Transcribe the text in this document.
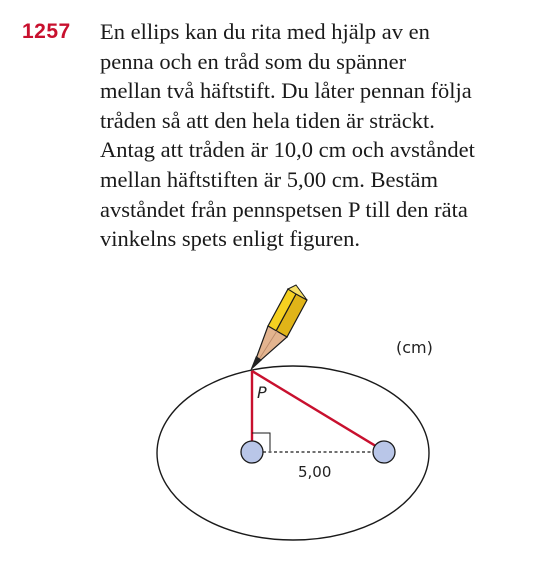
1257 En ellips kan du rita med hjälp av en
penna och en tråd som du spänner
mellan två häftstift. Du låter pennan följa
tråden så att den hela tiden är sträckt.
Antag att tråden är 10,0 cm och avståndet
mellan häftstiften är 5,00 cm. Bestäm
avståndet från pennspetsen P till den räta
vinkelns spets enligt figuren.
P
5,00
(cm)
